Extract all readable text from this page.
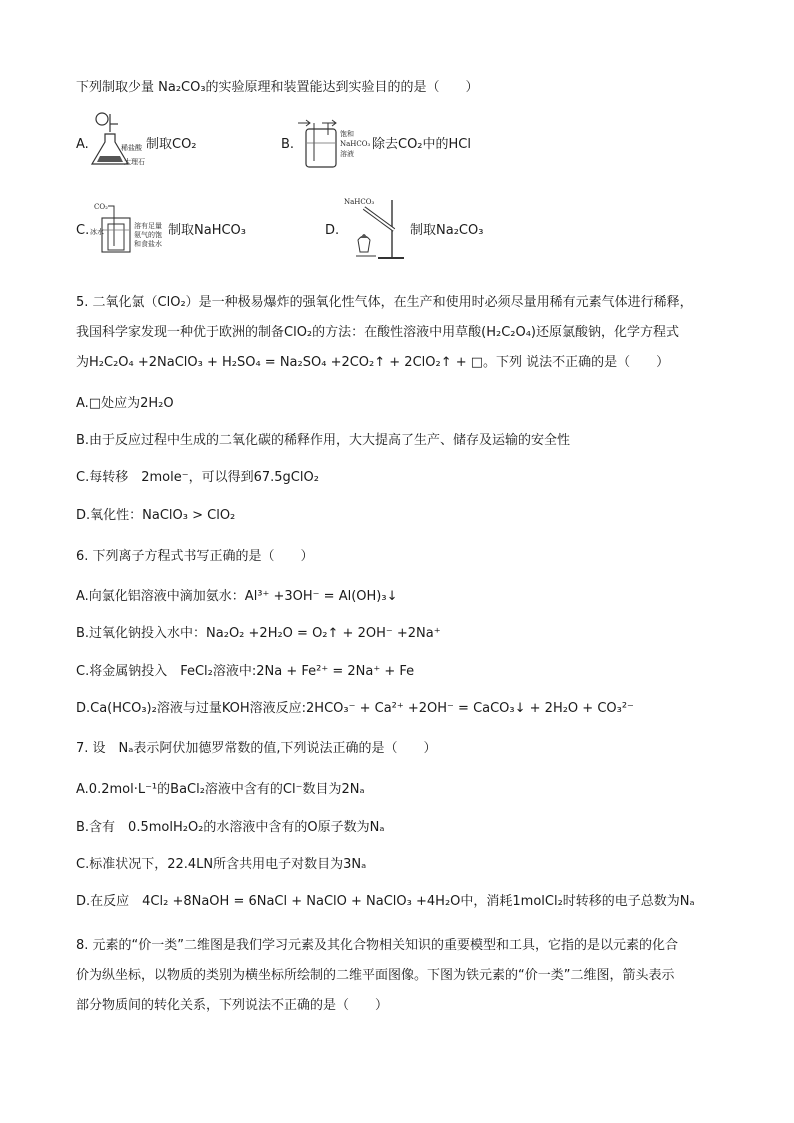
下列制取少量 Na₂CO₃的实验原理和装置能达到实验目的的是（　　）
A.	稀盐酸
大理石
制取CO₂	B.
饱和
NaHCO₃
溶液
除去CO₂中的HCl
C.
CO₂
冰水
溶有足量
氨气的饱
和食盐水
制取NaHCO₃	D.
NaHCO₃
制取Na₂CO₃
5. 二氧化氯（ClO₂）是一种极易爆炸的强氧化性气体，在生产和使用时必须尽量用稀有元素气体进行稀释，
我国科学家发现一种优于欧洲的制备ClO₂的方法：在酸性溶液中用草酸(H₂C₂O₄)还原氯酸钠，化学方程式
为H₂C₂O₄ +2NaClO₃ + H₂SO₄ = Na₂SO₄ +2CO₂↑ + 2ClO₂↑ + □。下列 说法不正确的是（　　）
A.□处应为2H₂O
B.由于反应过程中生成的二氧化碳的稀释作用，大大提高了生产、储存及运输的安全性
C.每转移　2mole⁻，可以得到67.5gClO₂
D.氧化性：NaClO₃ > ClO₂
6. 下列离子方程式书写正确的是（　　）
A.向氯化铝溶液中滴加氨水：Al³⁺ +3OH⁻ = Al(OH)₃↓
B.过氧化钠投入水中：Na₂O₂ +2H₂O = O₂↑ + 2OH⁻ +2Na⁺
C.将金属钠投入　FeCl₂溶液中:2Na + Fe²⁺ = 2Na⁺ + Fe
D.Ca(HCO₃)₂溶液与过量KOH溶液反应:2HCO₃⁻ + Ca²⁺ +2OH⁻ = CaCO₃↓ + 2H₂O + CO₃²⁻
7. 设　Nₐ表示阿伏加德罗常数的值,下列说法正确的是（　　）
A.0.2mol·L⁻¹的BaCl₂溶液中含有的Cl⁻数目为2Nₐ
B.含有　0.5molH₂O₂的水溶液中含有的O原子数为Nₐ
C.标准状况下，22.4LN所含共用电子对数目为3Nₐ
D.在反应　4Cl₂ +8NaOH = 6NaCl + NaClO + NaClO₃ +4H₂O中，消耗1molCl₂时转移的电子总数为Nₐ
8. 元素的“价一类”二维图是我们学习元素及其化合物相关知识的重要模型和工具，它指的是以元素的化合
价为纵坐标，以物质的类别为横坐标所绘制的二维平面图像。下图为铁元素的“价一类”二维图，箭头表示
部分物质间的转化关系，下列说法不正确的是（　　）
